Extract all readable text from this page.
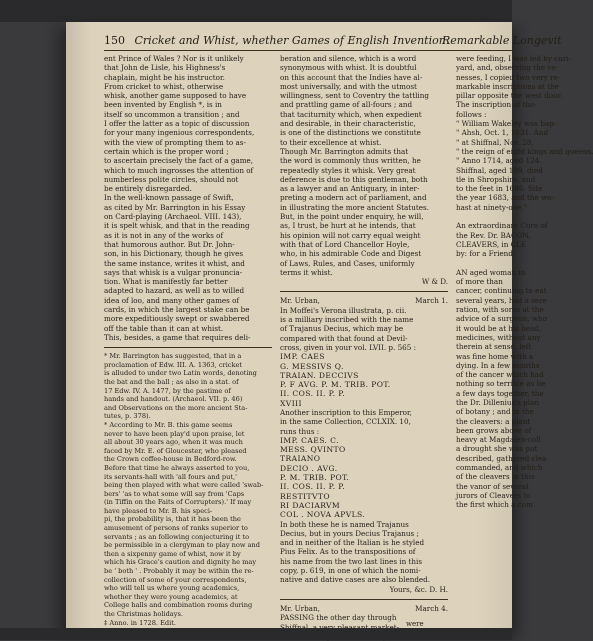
150 Cricket and Whist, whether Games of English Invention.
Remarkable Longevit

ent Prince of Wales ? Nor is it unlikely

that John de Lisle, his Highness's

chaplain, might be his instructor.

From cricket to whist, otherwise

whisk, another game supposed to have

been invented by English *, is in

itself so uncommon a transition ; and

I offer the latter as a topic of discussion

for your many ingenious correspondents,

with the view of prompting them to as-

certain which is the proper word ;

to ascertain precisely the fact of a game,

which to much ingrosses the attention of

numberless polite circles, should not

be entirely disregarded.

In the well-known passage of Swift,

as cited by Mr. Barrington in his Essay

on Card-playing (Archaeol. VIII. 143),

it is spelt whisk, and that in the reading

as it is not in any of the works of

that humorous author. But Dr. John-

son, in his Dictionary, though he gives

the same instance, writes it whist, and

says that whisk is a vulgar pronuncia-

tion. What is manifestly far better

adapted to hazard, as well as to willed

idea of loo, and many other games of

cards, in which the largest stake can be

more expeditiously swept or swabbered

off the table than it can at whist.

This, besides, a game that requires deli-

* Mr. Barrington has suggested, that in a

proclamation of Edw. III. A. 1363, cricket

is alluded to under two Latin words, denoting

the bat and the ball ; as also in a stat. of

17 Edw. IV. A. 1477, by the pastime of

hands and handout. (Archaeol. VII. p. 46)

and Observations on the more ancient Sta-

tutes, p. 378).

* According to Mr. B. this game seems

never to have been play'd upon praise, let

all about 30 years ago, when it was much

faced by Mr. E. of Gloucester, who pleased

the Crown coffee-house in Bedford-row.

Before that time he always asserted to you,

its servants-hall with 'all fours and put,'

being then played with what were called 'swab-

bers' 'as to what some will say from 'Caps

(in Tiffin on the Faits of Corrupters).' If may

have pleased to Mr. B. his speci-

pi, the probability is, that it has been the

amusement of persons of ranks superior to

servants ; as an following conjecturing it to

be permissible in a clergyman to play now and

then a sixpenny game of whist, now it by

which his Grace's caution and dignity he may

be ' both ' . Probably it may be within the re-

collection of some of your correspondents,

who will tell us where young academics,

whether they were young academics, at

College halls and combination rooms during

the Christmas holidays.

‡ Anno. in 1728. Edit.

beration and silence, which is a word

synonymous with whist. It is doubtful

on this account that the Indies have al-

most universally, and with the utmost

willingness, sent to Coventry the tattling

and prattling game of all-fours ; and

that taciturnity which, when expedient

and desirable, in their characteristic,

is one of the distinctions we constitute

to their excellence at whist.

Though Mr. Barrington admits that

the word is commonly thus written, he

repeatedly styles it whisk. Very great

deference is due to this gentleman, both

as a lawyer and an Antiquary, in inter-

preting a modern act of parliament, and

in illustrating the more ancient Statutes.

But, in the point under enquiry, he will,

as, I trust, be hurt at he intends, that

his opinion will not carry equal weight

with that of Lord Chancellor Hoyle,

who, in his admirable Code and Digest

of Laws, Rules, and Cases, uniformly

terms it whist.

W & D.

Mr. Urban,	March 1.

In Moffei's Verona illustrata, p. cii.

is a milliary inscribed with the name

of Trajanus Decius, which may be

compared with that found at Devil-

cross, given in your vol. LVII. p. 565 :

IMP. CAES

G. MESSIVS Q.

TRAIAN. DECCIVS

P. F AVG. P. M. TRIB. POT.

II. COS. II. P. P.

XVIII

Another inscription to this Emperor,

in the same Collection, CCLXIX. 10,

runs thus :

IMP. CAES. C.

MESS. QVINTO

TRAIANO

DECIO . AVG.

P. M. TRIB. POT.

II. COS. II. P. P.

RESTITVTO

RI DACIARVM

COL . NOVA APVLS.

In both these he is named Trajanus

Decius, but in yours Decius Trajanus ;

and in neither of the Italian is he styled

Pius Felix. As to the transpositions of

his name from the two last lines in this

copy, p. 619, in one of which the nomi-

native and dative cases are also blended.

Yours, &c. D. H.

Mr. Urban,	March 4.

PASSING the other day through

were

were feeding, I was led by curi-

yard, and, observing the ve-

nesses, I copied two very re-

markable inscriptions at the

pillar opposite the west door.

The inscription of tho-

follows :

" William Wakeley was bap-

" Ahsh, Oct. 1, 1631. And

" at Shiffnal, Nov. 28,

" the reign of eight kings and queens.

" Anno 1714, aged 124.

Shiffnal, aged 109, died

tle in Shropshire, and

to the feet in 1686. Site

the year 1683, and the wo-

hast at ninety-one."

An extraordinary Cure of

the Rev. Dr. BACON,

CLEAVERS, in CLE

by: for a Friend.

AN aged woman in

of more than

cancer, continuing to eat

several years, had a sere

ration, with sores at the

advice of a surgeon, who

it would be at his head,

medicines, without any

therein at sense, left

was fine home with a

dying. In a few months

of the cancer which had

nothing so terrible as be

a few days together, the

the Dr. Dillenius's plan

of botany ; and in the

the cleavers: a plant

been grows above of

heavy at Magdalen-coll

a drought she was put

described, gathered clea

commanded, and which

of the cleavers in this

the vanor of several

jurors of Cleavers to

the first which a com
